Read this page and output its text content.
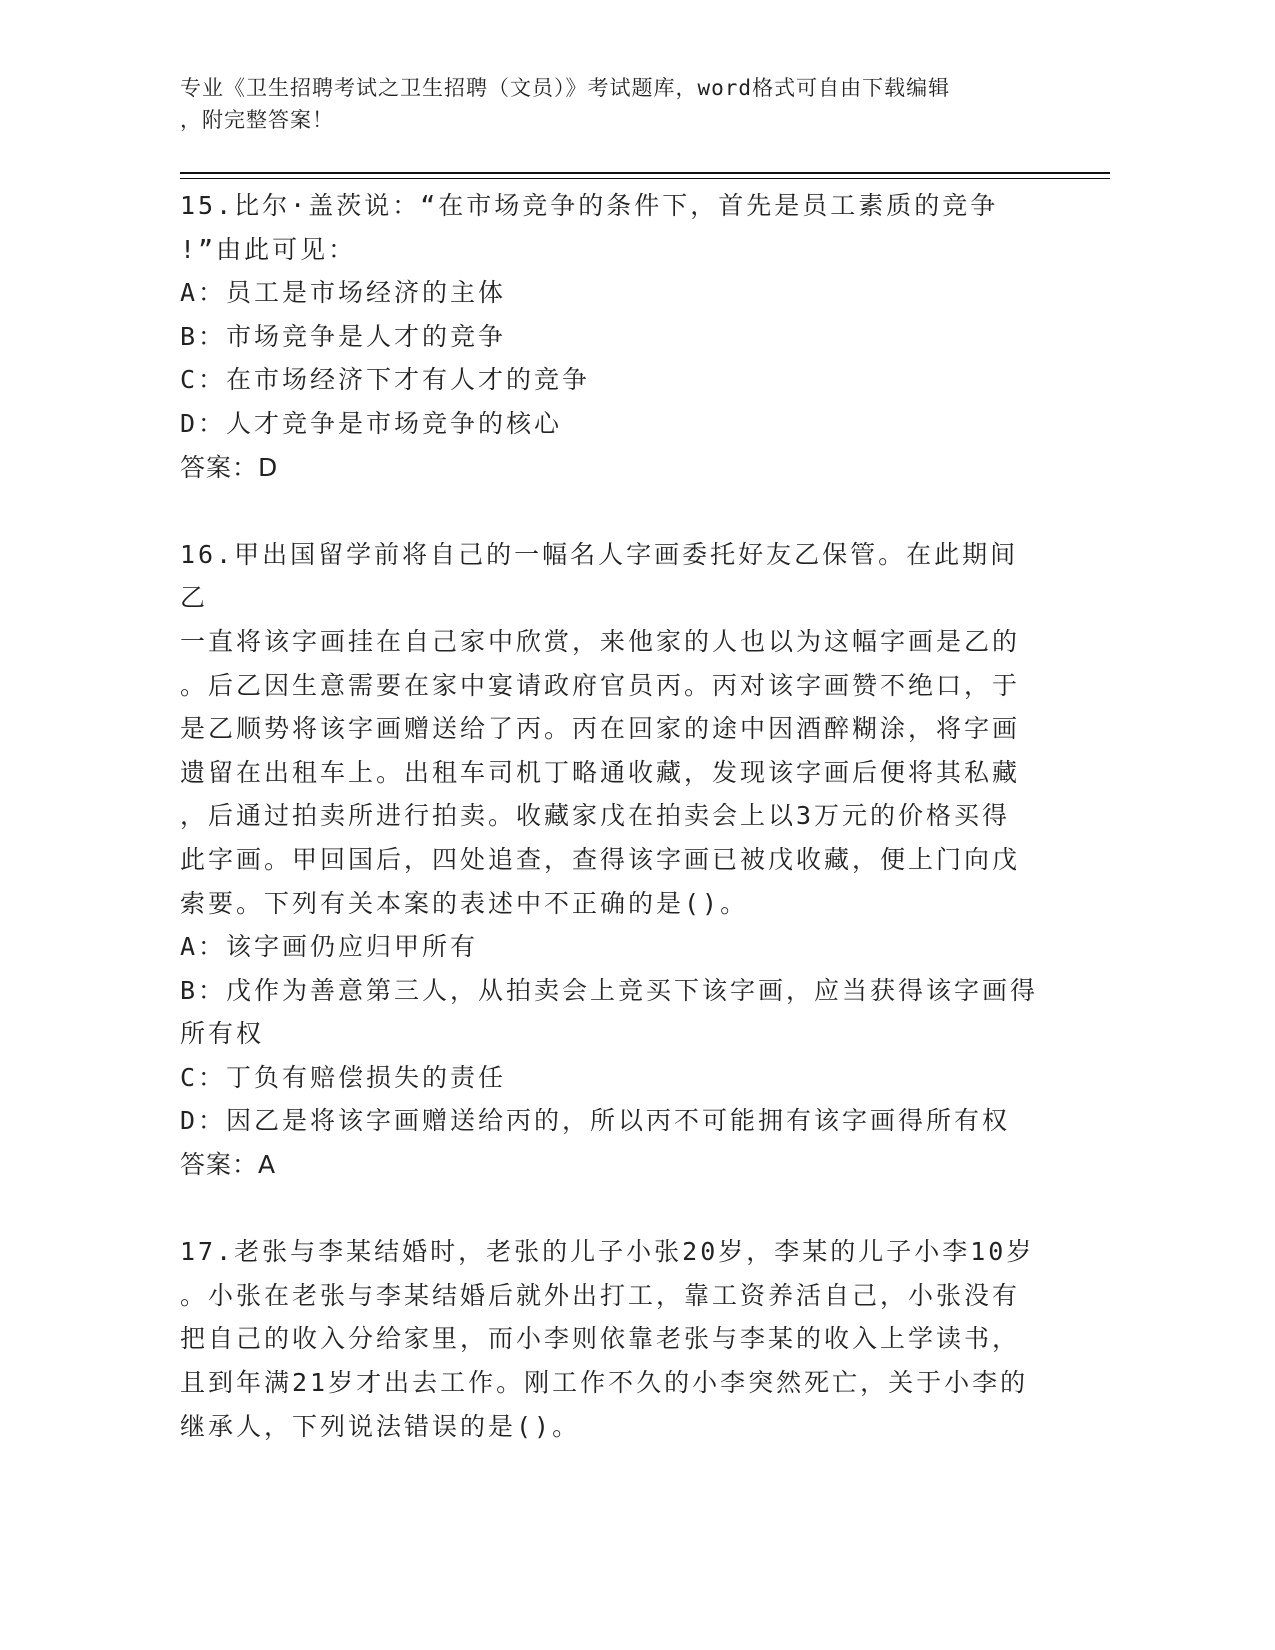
专业《卫生招聘考试之卫生招聘（文员）》考试题库，word格式可自由下载编辑
，附完整答案！
15.比尔·盖茨说：“在市场竞争的条件下，首先是员工素质的竞争
!”由此可见：
A：员工是市场经济的主体
B：市场竞争是人才的竞争
C：在市场经济下才有人才的竞争
D：人才竞争是市场竞争的核心
答案：D
16.甲出国留学前将自己的一幅名人字画委托好友乙保管。在此期间乙
一直将该字画挂在自己家中欣赏，来他家的人也以为这幅字画是乙的
。后乙因生意需要在家中宴请政府官员丙。丙对该字画赞不绝口，于
是乙顺势将该字画赠送给了丙。丙在回家的途中因酒醉糊涂，将字画
遗留在出租车上。出租车司机丁略通收藏，发现该字画后便将其私藏
，后通过拍卖所进行拍卖。收藏家戊在拍卖会上以3万元的价格买得
此字画。甲回国后，四处追查，查得该字画已被戊收藏，便上门向戊
索要。下列有关本案的表述中不正确的是()。
A：该字画仍应归甲所有
B：戊作为善意第三人，从拍卖会上竞买下该字画，应当获得该字画得
所有权
C：丁负有赔偿损失的责任
D：因乙是将该字画赠送给丙的，所以丙不可能拥有该字画得所有权
答案：A
17.老张与李某结婚时，老张的儿子小张20岁，李某的儿子小李10岁
。小张在老张与李某结婚后就外出打工，靠工资养活自己，小张没有
把自己的收入分给家里，而小李则依靠老张与李某的收入上学读书，
且到年满21岁才出去工作。刚工作不久的小李突然死亡，关于小李的
继承人，下列说法错误的是()。
